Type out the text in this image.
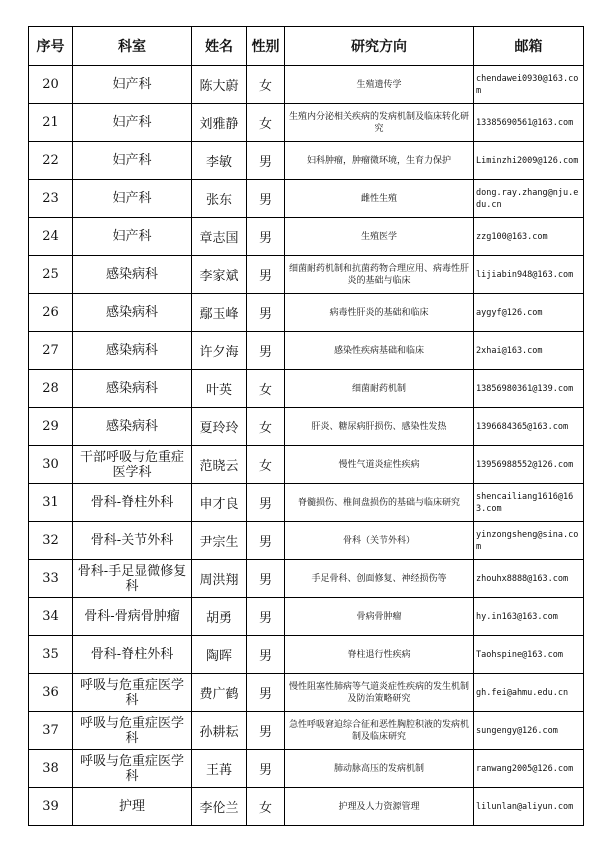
序号	科室	姓名	性别	研究方向	邮箱
20	妇产科	陈大蔚	女	生殖遗传学	chendawei0930@163.com
21	妇产科	刘雅静	女	生殖内分泌相关疾病的发病机制及临床转化研究	13385690561@163.com
22	妇产科	李敏	男	妇科肿瘤，肿瘤微环境，生育力保护	Liminzhi2009@126.com
23	妇产科	张东	男	雌性生殖	dong.ray.zhang@nju.edu.cn
24	妇产科	章志国	男	生殖医学	zzg100@163.com
25	感染病科	李家斌	男	细菌耐药机制和抗菌药物合理应用、病毒性肝炎的基础与临床	lijiabin948@163.com
26	感染病科	鄢玉峰	男	病毒性肝炎的基础和临床	aygyf@126.com
27	感染病科	许夕海	男	感染性疾病基础和临床	2xhai@163.com
28	感染病科	叶英	女	细菌耐药机制	13856980361@139.com
29	感染病科	夏玲玲	女	肝炎、糖尿病肝损伤、感染性发热	1396684365@163.com
30	干部呼吸与危重症医学科	范晓云	女	慢性气道炎症性疾病	13956988552@126.com
31	骨科-脊柱外科	申才良	男	脊髓损伤、椎间盘损伤的基础与临床研究	shencailiang1616@163.com
32	骨科-关节外科	尹宗生	男	骨科（关节外科）	yinzongsheng@sina.com
33	骨科-手足显微修复科	周洪翔	男	手足骨科、创面修复、神经损伤等	zhouhx8888@163.com
34	骨科-骨病骨肿瘤	胡勇	男	骨病骨肿瘤	hy.in163@163.com
35	骨科-脊柱外科	陶晖	男	脊柱退行性疾病	Taohspine@163.com
36	呼吸与危重症医学科	费广鹤	男	慢性阻塞性肺病等气道炎症性疾病的发生机制及防治策略研究	gh.fei@ahmu.edu.cn
37	呼吸与危重症医学科	孙耕耘	男	急性呼吸窘迫综合征和恶性胸腔积液的发病机制及临床研究	sungengy@126.com
38	呼吸与危重症医学科	王苒	男	肺动脉高压的发病机制	ranwang2005@126.com
39	护理	李伦兰	女	护理及人力资源管理	lilunlan@aliyun.com
